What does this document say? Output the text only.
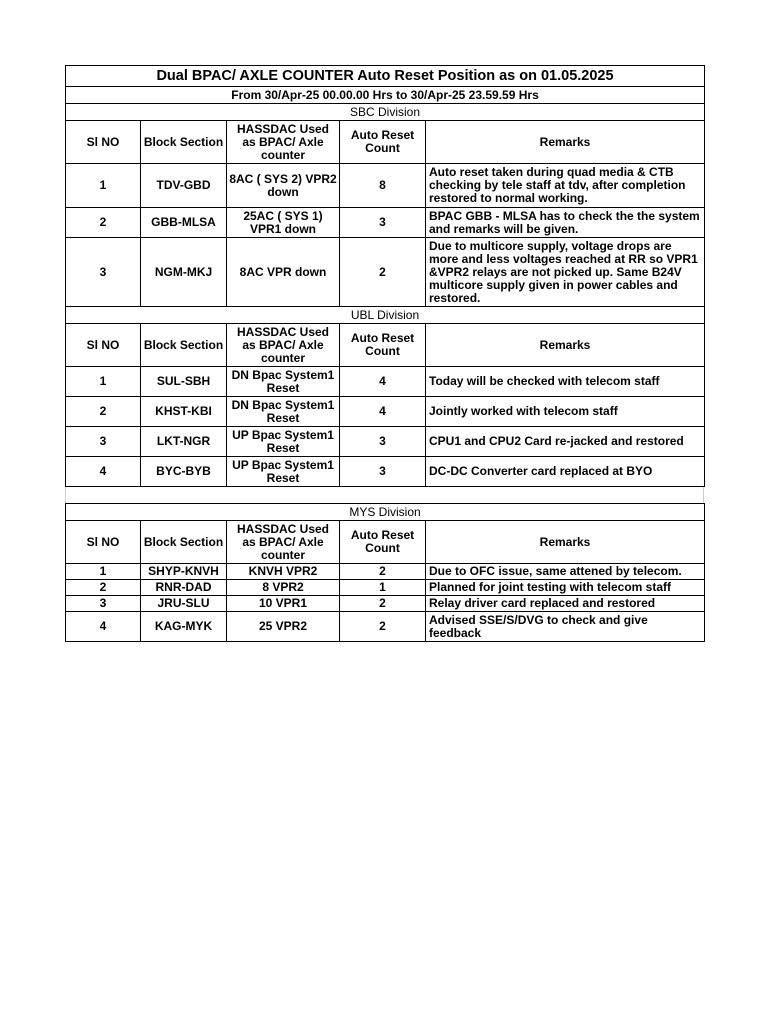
Dual BPAC/ AXLE COUNTER Auto Reset Position as on 01.05.2025				
From 30/Apr-25 00.00.00 Hrs to 30/Apr-25 23.59.59 Hrs				
SBC Division				
Sl NO	Block Section	HASSDAC Used as BPAC/ Axle counter	Auto Reset Count	Remarks
1	TDV-GBD	8AC ( SYS 2) VPR2 down	8	Auto reset taken during quad media & CTB checking by tele staff at tdv, after completion restored to normal working.
2	GBB-MLSA	25AC ( SYS 1) VPR1 down	3	BPAC GBB - MLSA has to check the the system and remarks will be given.
3	NGM-MKJ	8AC VPR down	2	Due to multicore supply, voltage drops are more and less voltages reached at RR so VPR1 &VPR2 relays are not picked up. Same B24V multicore supply given in power cables and restored.
UBL Division				
Sl NO	Block Section	HASSDAC Used as BPAC/ Axle counter	Auto Reset Count	Remarks
1	SUL-SBH	DN Bpac System1 Reset	4	Today will be checked with telecom staff
2	KHST-KBI	DN Bpac System1 Reset	4	Jointly worked with telecom staff
3	LKT-NGR	UP Bpac System1 Reset	3	CPU1 and CPU2 Card re-jacked and restored
4	BYC-BYB	UP Bpac System1 Reset	3	DC-DC Converter card replaced at BYO
MYS Division				
Sl NO	Block Section	HASSDAC Used as BPAC/ Axle counter	Auto Reset Count	Remarks
1	SHYP-KNVH	KNVH VPR2	2	Due to OFC issue, same attened by telecom.
2	RNR-DAD	8 VPR2	1	Planned for joint testing with telecom staff
3	JRU-SLU	10 VPR1	2	Relay driver card replaced and restored
4	KAG-MYK	25 VPR2	2	Advised SSE/S/DVG to check and give feedback
